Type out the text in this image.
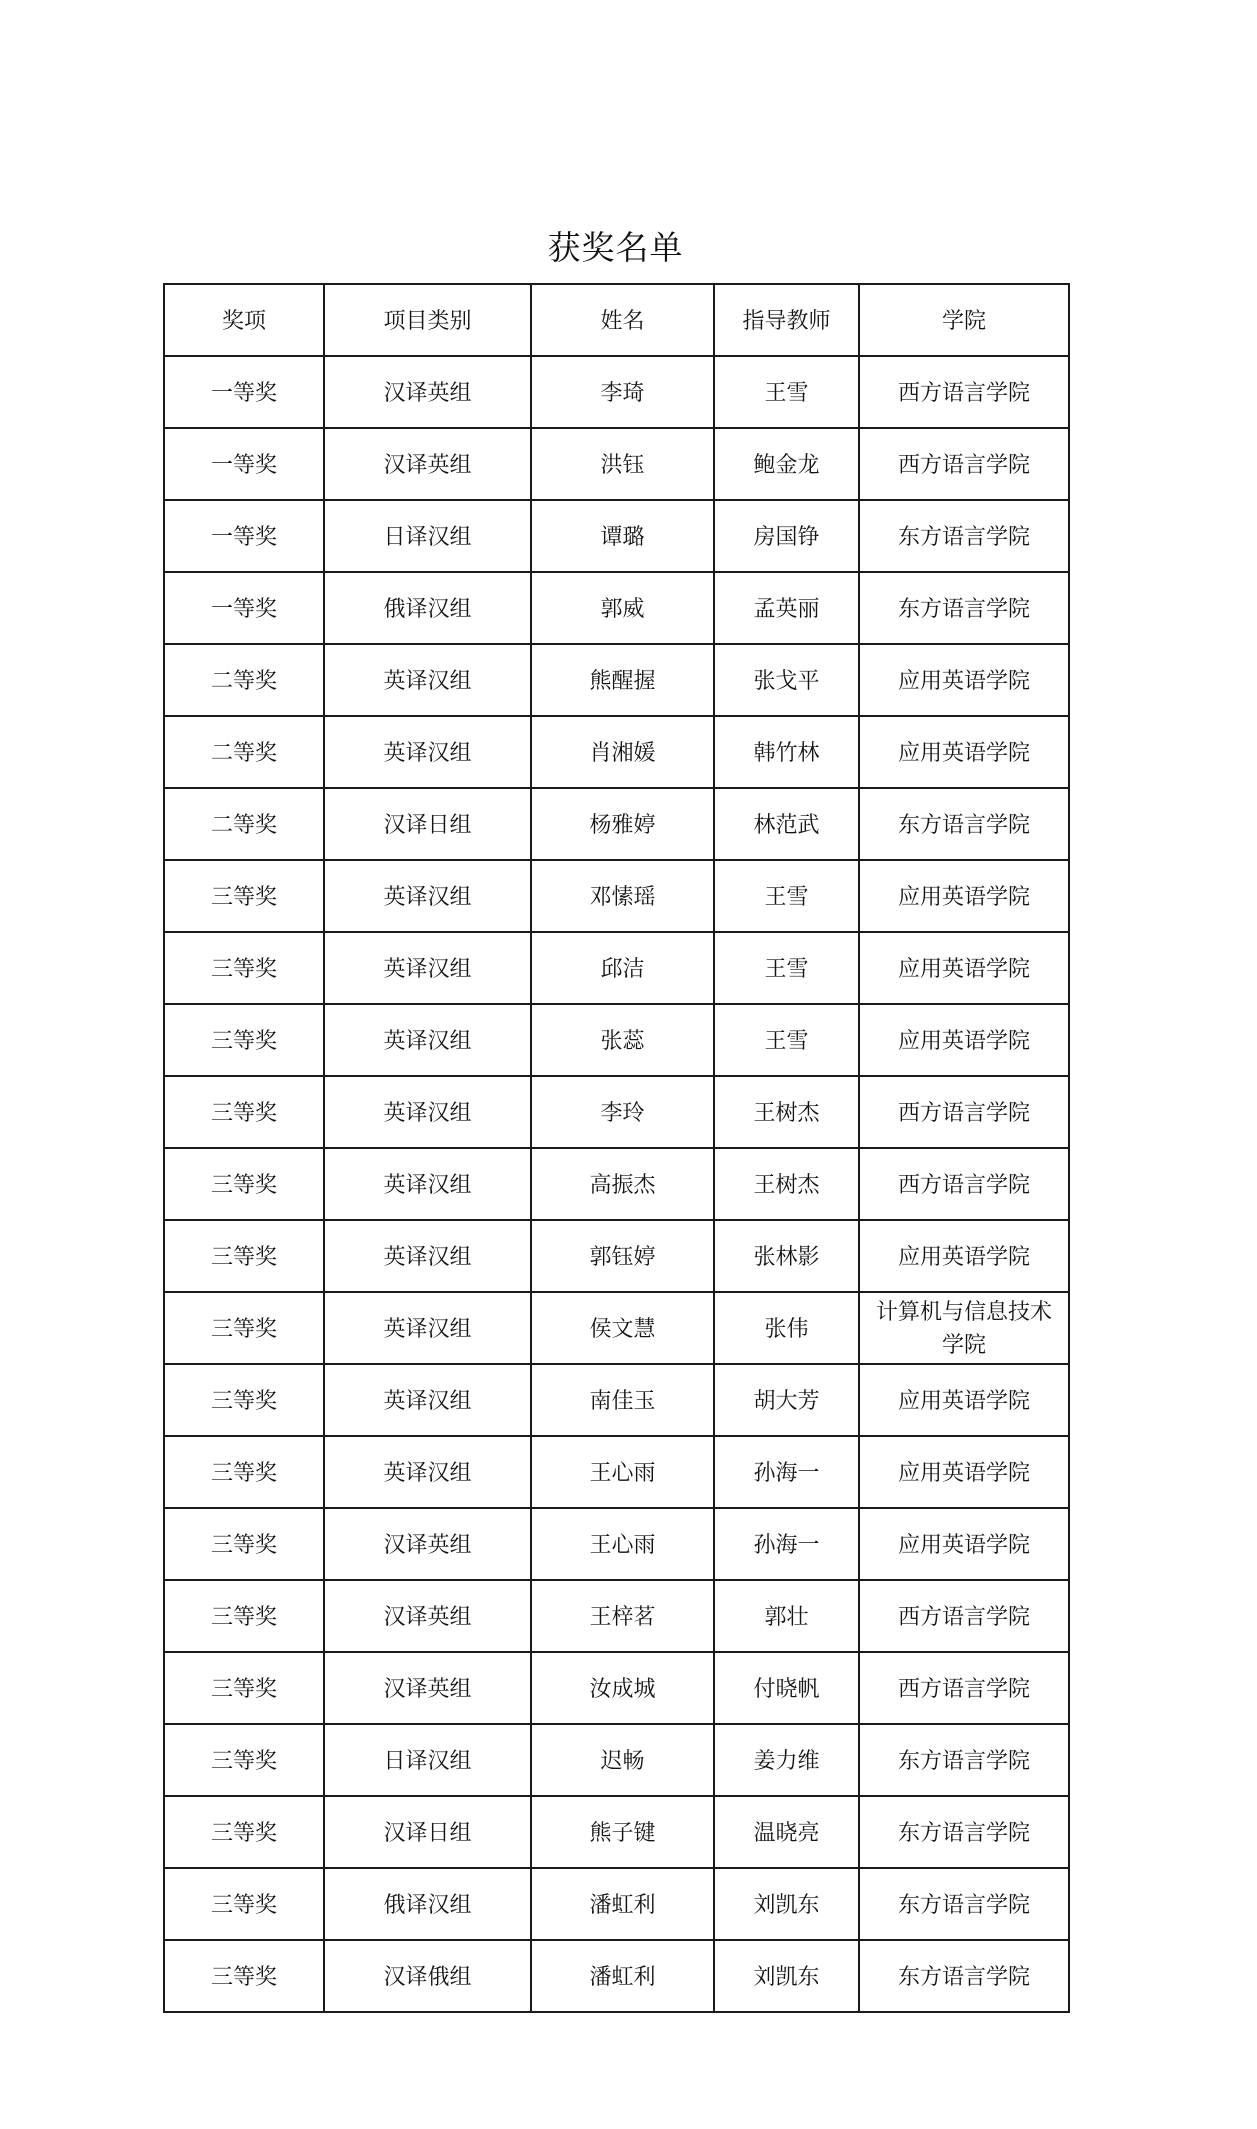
获奖名单
奖项	项目类别	姓名	指导教师	学院
一等奖	汉译英组	李琦	王雪	西方语言学院
一等奖	汉译英组	洪钰	鲍金龙	西方语言学院
一等奖	日译汉组	谭璐	房国铮	东方语言学院
一等奖	俄译汉组	郭威	孟英丽	东方语言学院
二等奖	英译汉组	熊醒握	张戈平	应用英语学院
二等奖	英译汉组	肖湘媛	韩竹林	应用英语学院
二等奖	汉译日组	杨雅婷	林范武	东方语言学院
三等奖	英译汉组	邓愫瑶	王雪	应用英语学院
三等奖	英译汉组	邱洁	王雪	应用英语学院
三等奖	英译汉组	张蕊	王雪	应用英语学院
三等奖	英译汉组	李玲	王树杰	西方语言学院
三等奖	英译汉组	高振杰	王树杰	西方语言学院
三等奖	英译汉组	郭钰婷	张林影	应用英语学院
三等奖	英译汉组	侯文慧	张伟	计算机与信息技术学院
三等奖	英译汉组	南佳玉	胡大芳	应用英语学院
三等奖	英译汉组	王心雨	孙海一	应用英语学院
三等奖	汉译英组	王心雨	孙海一	应用英语学院
三等奖	汉译英组	王梓茗	郭壮	西方语言学院
三等奖	汉译英组	汝成城	付晓帆	西方语言学院
三等奖	日译汉组	迟畅	姜力维	东方语言学院
三等奖	汉译日组	熊子键	温晓亮	东方语言学院
三等奖	俄译汉组	潘虹利	刘凯东	东方语言学院
三等奖	汉译俄组	潘虹利	刘凯东	东方语言学院
